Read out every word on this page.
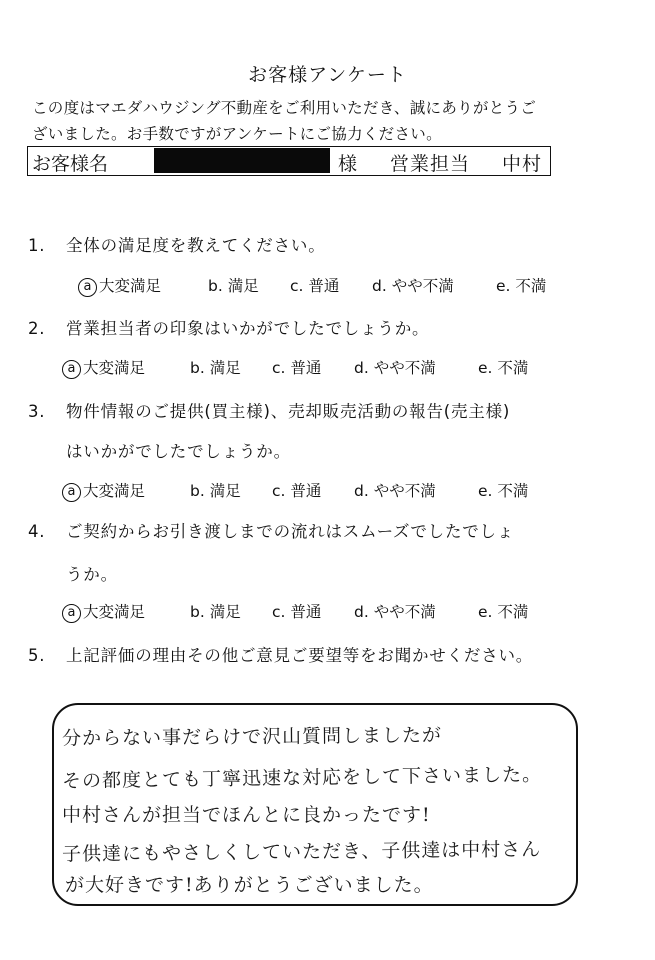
お客様アンケート
この度はマエダハウジング不動産をご利用いただき、誠にありがとうご
ざいました。お手数ですがアンケートにご協力ください。
お客様名	様 営業担当 中村
1. 全体の満足度を教えてください。
a 大変満足	b. 満足 c. 普通 d. やや不満	e. 不満
2. 営業担当者の印象はいかがでしたでしょうか。
a 大変満足	b. 満足 c. 普通 d. やや不満	e. 不満
3. 物件情報のご提供(買主様)、売却販売活動の報告(売主様)
はいかがでしたでしょうか。
a 大変満足	b. 満足 c. 普通 d. やや不満	e. 不満
4. ご契約からお引き渡しまでの流れはスムーズでしたでしょ
うか。
a 大変満足	b. 満足 c. 普通 d. やや不満	e. 不満
5. 上記評価の理由その他ご意見ご要望等をお聞かせください。
分からない事だらけで沢山質問しましたが
その都度とても丁寧迅速な対応をして下さいました。
中村さんが担当でほんとに良かったです!
子供達にもやさしくしていただき、子供達は中村さん
が大好きです!ありがとうございました。
